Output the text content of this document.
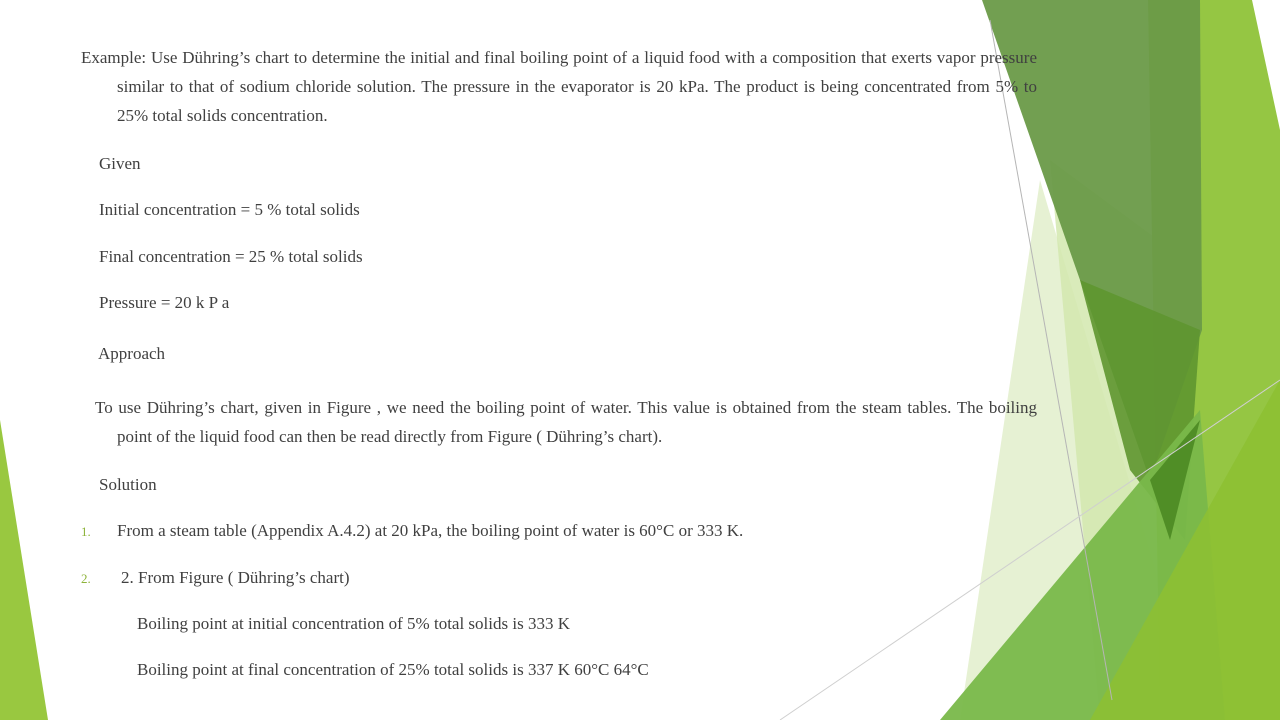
Example: Use Dühring’s chart to determine the initial and final boiling point of a liquid food with a composition that exerts vapor pressure similar to that of sodium chloride solution. The pressure in the evaporator is 20 kPa. The product is being concentrated from 5% to 25% total solids concentration.
Given
Initial concentration = 5 % total solids
Final concentration = 25 % total solids
Pressure = 20 k P a
Approach
To use Dühring’s chart, given in Figure , we need the boiling point of water. This value is obtained from the steam tables. The boiling point of the liquid food can then be read directly from Figure ( Dühring’s chart).
Solution
1. From a steam table (Appendix A.4.2) at 20 kPa, the boiling point of water is 60°C or 333 K.
2. 2. From Figure ( Dühring’s chart)
Boiling point at initial concentration of 5% total solids is 333 K
Boiling point at final concentration of 25% total solids is 337 K 60°C 64°C
